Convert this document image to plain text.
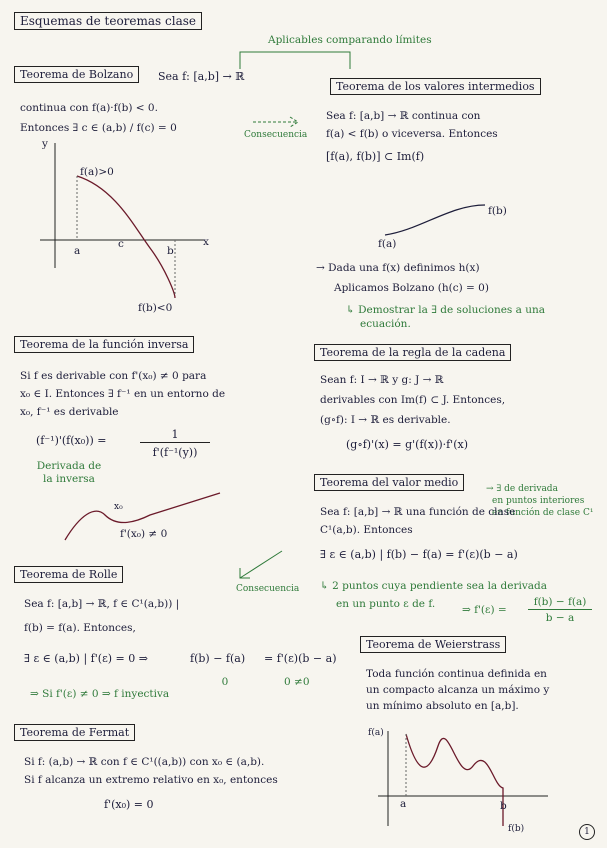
Esquemas de teoremas clase
Aplicables comparando límites
Teorema de Bolzano	Sea f: [a,b] → ℝ
continua con f(a)·f(b) < 0.
Entonces ∃ c ∈ (a,b) / f(c) = 0
y
x
f(a)>0
a
c
b
f(b)<0
Consecuencia
Teorema de los valores intermedios
Sea f: [a,b] → ℝ continua con
f(a) < f(b) o viceversa. Entonces
[f(a), f(b)] ⊂ Im(f)
f(b)
f(a)
→ Dada una f(x) definimos h(x)
Aplicamos Bolzano (h(c) = 0)
↳ Demostrar la ∃ de soluciones a una
ecuación.
Teorema de la función inversa
Si f es derivable con f'(x₀) ≠ 0 para
x₀ ∈ I. Entonces ∃ f⁻¹ en un entorno de
x₀, f⁻¹ es derivable
(f⁻¹)'(f(x₀)) =	1
f'(f⁻¹(y))
Derivada de la inversa
x₀
f'(x₀) ≠ 0
Teorema de la regla de la cadena
Sean f: I → ℝ y g: J → ℝ
derivables con Im(f) ⊂ J. Entonces,
(g∘f): I → ℝ es derivable.
(g∘f)'(x) = g'(f(x))·f'(x)
Teorema del valor medio	→ ∃ de derivada
en puntos interiores
en función de clase C¹
Sea f: [a,b] → ℝ una función de clase
C¹(a,b). Entonces
∃ ε ∈ (a,b) | f(b) − f(a) = f'(ε)(b − a)
↳ 2 puntos cuya pendiente sea la derivada
en un punto ε de f.	⇒ f'(ε) =
f(b) − f(a)
b − a
Consecuencia
Teorema de Rolle
Sea f: [a,b] → ℝ, f ∈ C¹(a,b)) |
f(b) = f(a). Entonces,
∃ ε ∈ (a,b) | f'(ε) = 0 ⇒	f(b) − f(a)
0
= f'(ε)(b − a)
0 ≠0
⇒ Si f'(ε) ≠ 0 ⇒ f inyectiva
Teorema de Weierstrass
Toda función continua definida en
un compacto alcanza un máximo y
un mínimo absoluto en [a,b].
f(a)
a	b
f(b)
Teorema de Fermat
Si f: (a,b) → ℝ con f ∈ C¹((a,b)) con x₀ ∈ (a,b).
Si f alcanza un extremo relativo en x₀, entonces
f'(x₀) = 0
1
